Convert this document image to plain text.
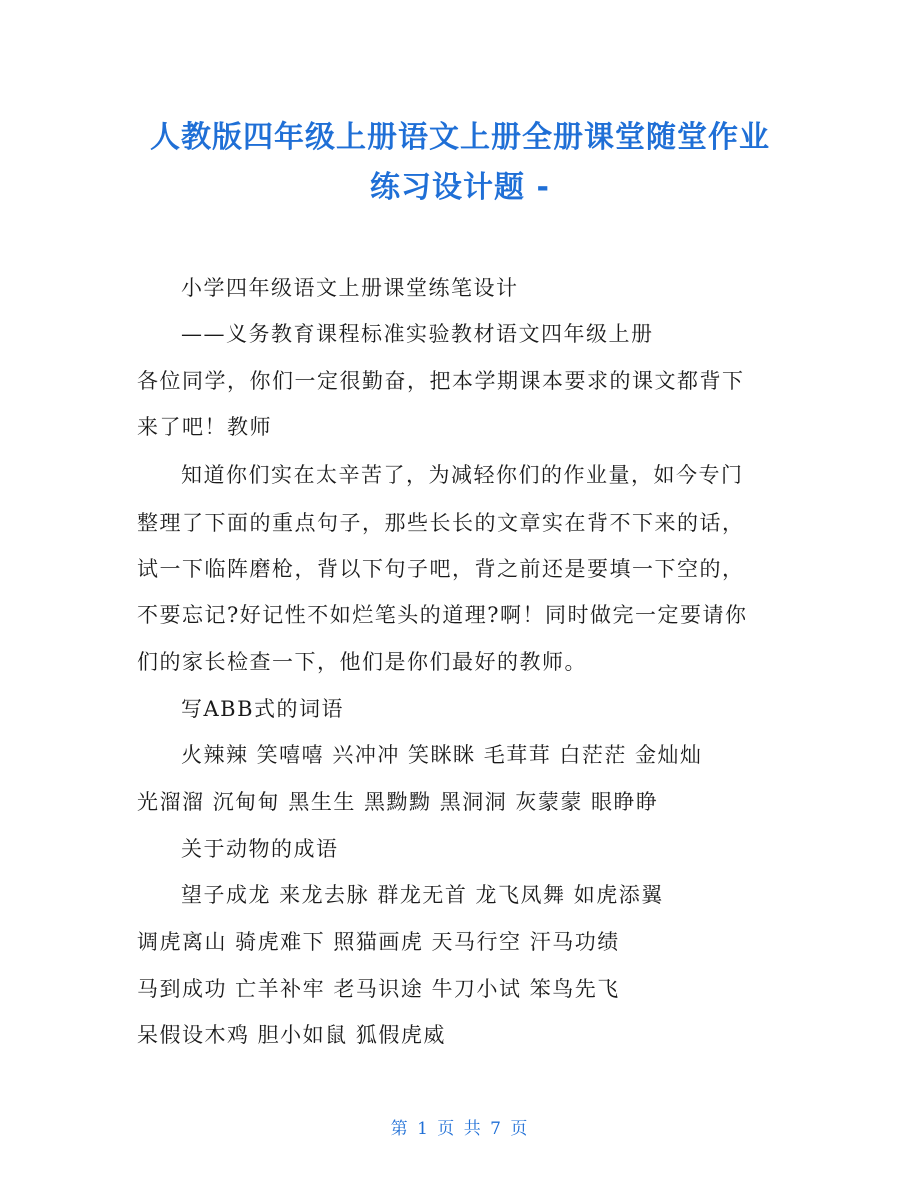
人教版四年级上册语文上册全册课堂随堂作业
练习设计题 -
小学四年级语文上册课堂练笔设计
——义务教育课程标准实验教材语文四年级上册
各位同学，你们一定很勤奋，把本学期课本要求的课文都背下
来了吧！教师
知道你们实在太辛苦了，为减轻你们的作业量，如今专门
整理了下面的重点句子，那些长长的文章实在背不下来的话，
试一下临阵磨枪，背以下句子吧，背之前还是要填一下空的，
不要忘记?好记性不如烂笔头的道理?啊！同时做完一定要请你
们的家长检查一下，他们是你们最好的教师。
写ABB式的词语
火辣辣 笑嘻嘻 兴冲冲 笑眯眯 毛茸茸 白茫茫 金灿灿
光溜溜 沉甸甸 黑生生 黑黝黝 黑洞洞 灰蒙蒙 眼睁睁
关于动物的成语
望子成龙 来龙去脉 群龙无首 龙飞凤舞 如虎添翼
调虎离山 骑虎难下 照猫画虎 天马行空 汗马功绩
马到成功 亡羊补牢 老马识途 牛刀小试 笨鸟先飞
呆假设木鸡 胆小如鼠 狐假虎威
第 1 页 共 7 页
